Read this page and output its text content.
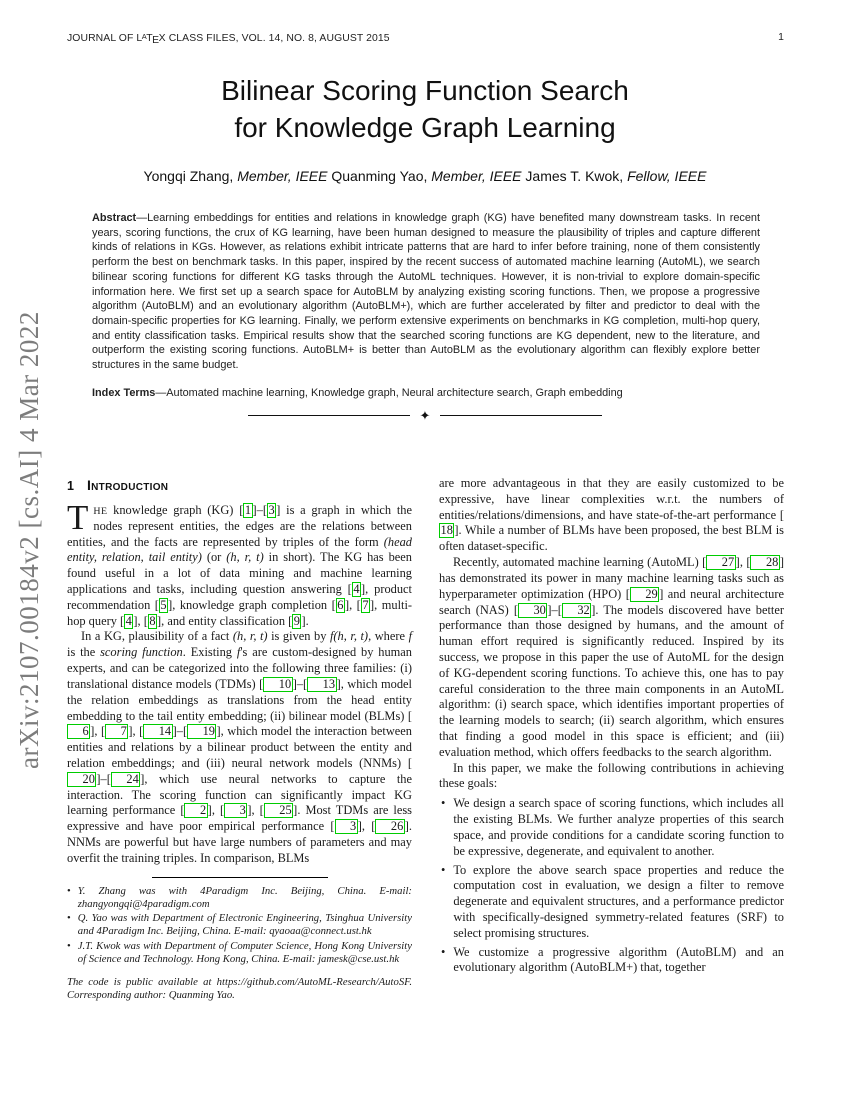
arXiv:2107.00184v2 [cs.AI] 4 Mar 2022
JOURNAL OF $L^ATEX$ CLASS FILES, VOL. 14, NO. 8, AUGUST 2015	1
Bilinear Scoring Function Search
for Knowledge Graph Learning
Yongqi Zhang, Member, IEEE Quanming Yao, Member, IEEE James T. Kwok, Fellow, IEEE

Abstract—Learning embeddings for entities and relations in knowledge graph (KG) have benefited many downstream tasks. In recent years, scoring functions, the crux of KG learning, have been human designed to measure the plausibility of triples and capture different kinds of relations in KGs. However, as relations exhibit intricate patterns that are hard to infer before training, none of them consistently perform the best on benchmark tasks. In this paper, inspired by the recent success of automated machine learning (AutoML), we search bilinear scoring functions for different KG tasks through the AutoML techniques. However, it is non-trivial to explore domain-specific information here. We first set up a search space for AutoBLM by analyzing existing scoring functions. Then, we propose a progressive algorithm (AutoBLM) and an evolutionary algorithm (AutoBLM+), which are further accelerated by filter and predictor to deal with the domain-specific properties for KG learning. Finally, we perform extensive experiments on benchmarks in KG completion, multi-hop query, and entity classification tasks. Empirical results show that the searched scoring functions are KG dependent, new to the literature, and outperform the existing scoring functions. AutoBLM+ is better than AutoBLM as the evolutionary algorithm can flexibly explore better structures in the same budget.

Index Terms—Automated machine learning, Knowledge graph, Neural architecture search, Graph embedding

✦
1 Introduction

THE knowledge graph (KG) [ 1 ]–[ 3 ] is a graph in which the nodes represent entities, the edges are the relations between entities, and the facts are represented by triples of the form (head entity, relation, tail entity) (or (h, r, t) in short). The KG has been found useful in a lot of data mining and machine learning applications and tasks, including question answering [ 4 ], product recommendation [ 5 ], knowledge graph completion [ 6 ], [ 7 ], multi-hop query [ 4 ], [ 8 ], and entity classification [ 9 ].

In a KG, plausibility of a fact (h, r, t) is given by f(h, r, t), where f is the scoring function. Existing f's are custom-designed by human experts, and can be categorized into the following three families: (i) translational distance models (TDMs) [ 10 ]–[ 13 ], which model the relation embeddings as translations from the head entity embedding to the tail entity embedding; (ii) bilinear model (BLMs) [6 ], [ 7 ], [ 14 ]–[ 19 ], which model the interaction between entities and relations by a bilinear product between the entity and relation embeddings; and (iii) neural network models (NNMs) [20 ]–[ 24 ], which use neural networks to capture the interaction. The scoring function can significantly impact KG learning performance [ 2 ], [ 3 ], [ 25 ]. Most TDMs are less expressive and have poor empirical performance [ 3 ], [ 26 ]. NNMs are powerful but have large numbers of parameters and may overfit the training triples. In comparison, BLMs

•
Y. Zhang was with 4Paradigm Inc. Beijing, China. E-mail: zhangyongqi@4paradigm.com
•
Q. Yao was with Department of Electronic Engineering, Tsinghua University and 4Paradigm Inc. Beijing, China. E-mail: qyaoaa@connect.ust.hk
•
J.T. Kwok was with Department of Computer Science, Hong Kong University of Science and Technology. Hong Kong, China. E-mail: jamesk@cse.ust.hk
The code is public available at https://github.com/AutoML-Research/AutoSF. Corresponding author: Quanming Yao.

are more advantageous in that they are easily customized to be expressive, have linear complexities w.r.t. the numbers of entities/relations/dimensions, and have state-of-the-art performance [18 ]. While a number of BLMs have been proposed, the best BLM is often dataset-specific.

Recently, automated machine learning (AutoML) [ 27 ], [ 28 ] has demonstrated its power in many machine learning tasks such as hyperparameter optimization (HPO) [ 29 ] and neural architecture search (NAS) [ 30 ]–[ 32 ]. The models discovered have better performance than those designed by humans, and the amount of human effort required is significantly reduced. Inspired by its success, we propose in this paper the use of AutoML for the design of KG-dependent scoring functions. To achieve this, one has to pay careful consideration to the three main components in an AutoML algorithm: (i) search space, which identifies important properties of the learning models to search; (ii) search algorithm, which ensures that finding a good model in this space is efficient; and (iii) evaluation method, which offers feedbacks to the search algorithm.

In this paper, we make the following contributions in achieving these goals:

•
We design a search space of scoring functions, which includes all the existing BLMs. We further analyze properties of this search space, and provide conditions for a candidate scoring function to be expressive, degenerate, and equivalent to another.
•
To explore the above search space properties and reduce the computation cost in evaluation, we design a filter to remove degenerate and equivalent structures, and a performance predictor with specifically-designed symmetry-related features (SRF) to select promising structures.
•
We customize a progressive algorithm (AutoBLM) and an evolutionary algorithm (AutoBLM+) that, together
